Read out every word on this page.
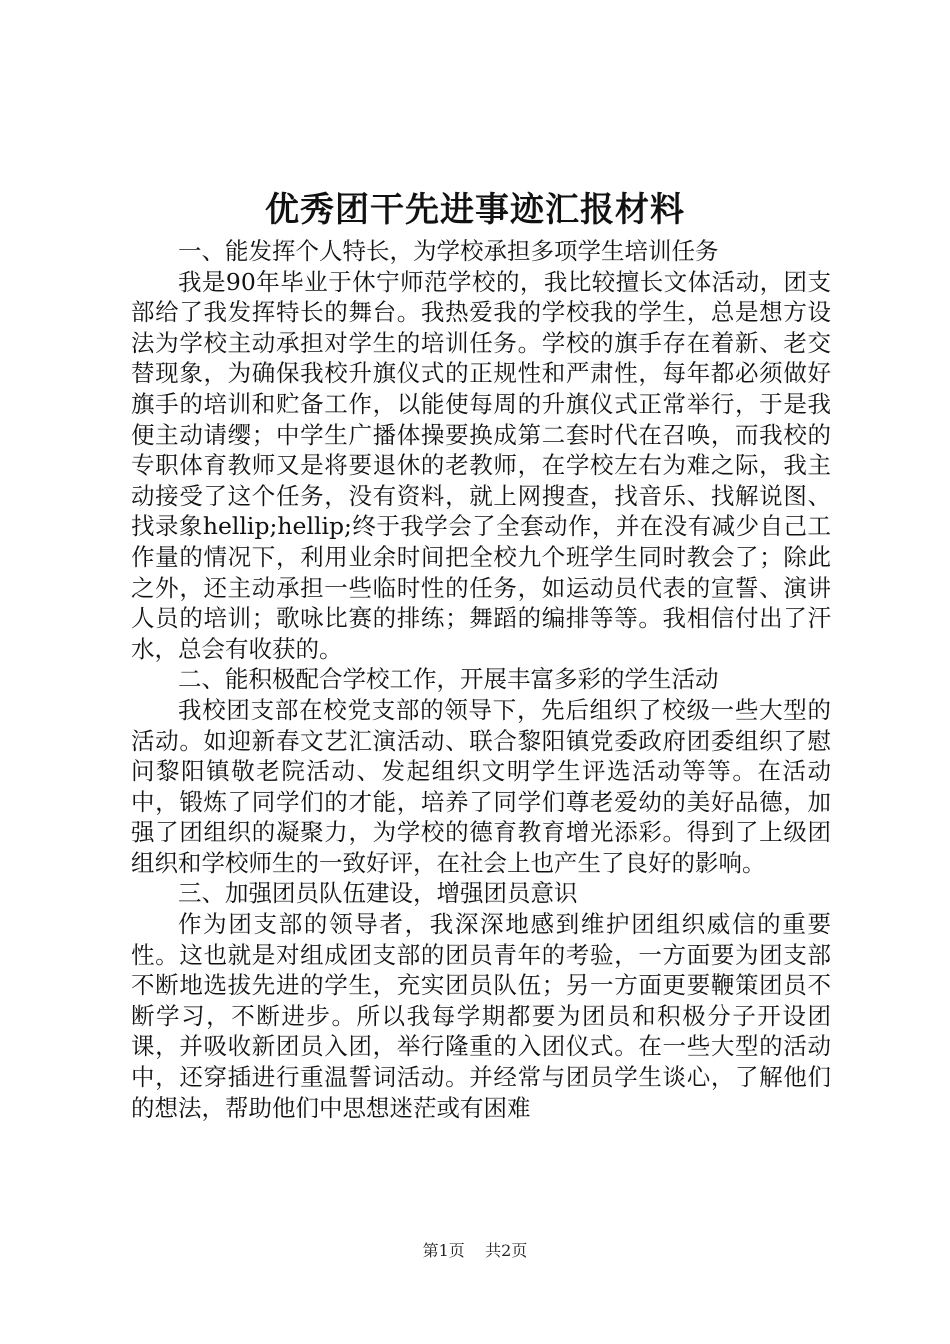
优秀团干先进事迹汇报材料

一、能发挥个人特长，为学校承担多项学生培训任务

我是90年毕业于休宁师范学校的，我比较擅长文体活动，团支部给了我发挥特长的舞台。我热爱我的学校我的学生，总是想方设法为学校主动承担对学生的培训任务。学校的旗手存在着新、老交替现象，为确保我校升旗仪式的正规性和严肃性，每年都必须做好旗手的培训和贮备工作，以能使每周的升旗仪式正常举行，于是我便主动请缨；中学生广播体操要换成第二套时代在召唤，而我校的专职体育教师又是将要退休的老教师，在学校左右为难之际，我主动接受了这个任务，没有资料，就上网搜查，找音乐、找解说图、找录象hellip;hellip;终于我学会了全套动作，并在没有减少自己工作量的情况下，利用业余时间把全校九个班学生同时教会了；除此之外，还主动承担一些临时性的任务，如运动员代表的宣誓、演讲人员的培训；歌咏比赛的排练；舞蹈的编排等等。我相信付出了汗水，总会有收获的。

二、能积极配合学校工作，开展丰富多彩的学生活动

我校团支部在校党支部的领导下，先后组织了校级一些大型的活动。如迎新春文艺汇演活动、联合黎阳镇党委政府团委组织了慰问黎阳镇敬老院活动、发起组织文明学生评选活动等等。在活动中，锻炼了同学们的才能，培养了同学们尊老爱幼的美好品德，加强了团组织的凝聚力，为学校的德育教育增光添彩。得到了上级团组织和学校师生的一致好评，在社会上也产生了良好的影响。

三、加强团员队伍建设，增强团员意识

作为团支部的领导者，我深深地感到维护团组织威信的重要性。这也就是对组成团支部的团员青年的考验，一方面要为团支部不断地选拔先进的学生，充实团员队伍；另一方面更要鞭策团员不断学习，不断进步。所以我每学期都要为团员和积极分子开设团课，并吸收新团员入团，举行隆重的入团仪式。在一些大型的活动中，还穿插进行重温誓词活动。并经常与团员学生谈心，了解他们的想法，帮助他们中思想迷茫或有困难

第1页 共2页
